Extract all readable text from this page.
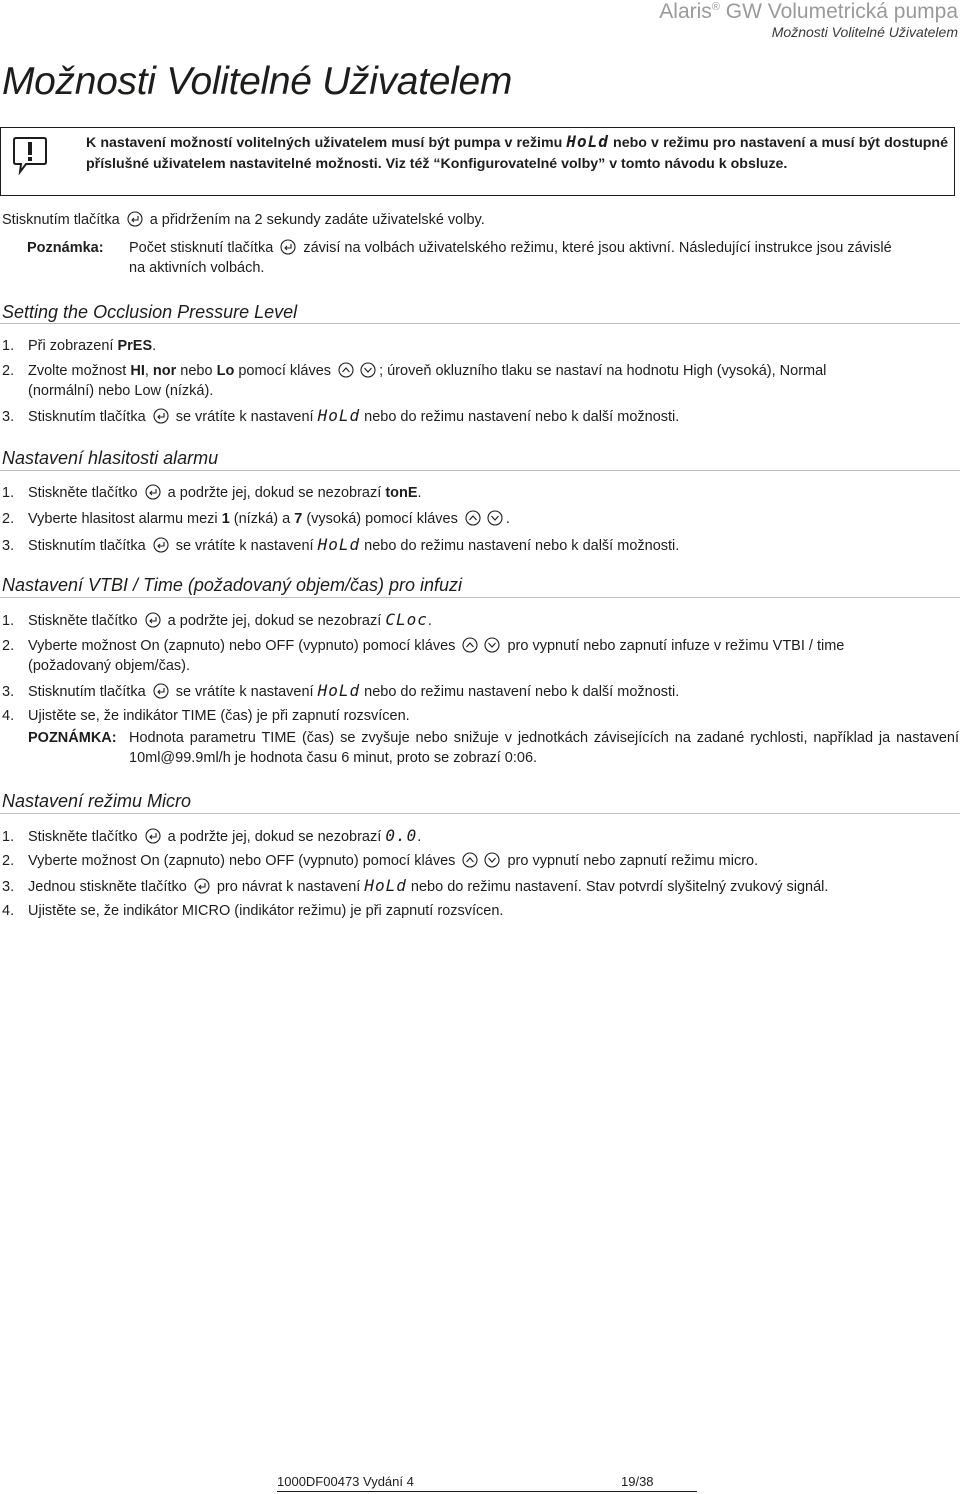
Alaris® GW Volumetrická pumpa
Možnosti Volitelné Uživatelem
Možnosti Volitelné Uživatelem
K nastavení možností volitelných uživatelem musí být pumpa v režimu HoLd nebo v režimu pro nastavení a musí být dostupné příslušné uživatelem nastavitelné možnosti. Viz též “Konfigurovatelné volby” v tomto návodu k obsluze.
Stisknutím tlačítka
a přidržením na 2 sekundy zadáte uživatelské volby.
Poznámka: Počet stisknutí tlačítka
závisí na volbách uživatelského režimu, které jsou aktivní. Následující instrukce jsou závislé
na aktivních volbách.
Setting the Occlusion Pressure Level
1. Při zobrazení PrES.
2. Zvolte možnost HI, nor nebo Lo pomocí kláves	; úroveň okluzního tlaku se nastaví na hodnotu High (vysoká), Normal
(normální) nebo Low (nízká).
3. Stisknutím tlačítka
se vrátíte k nastavení HoLd nebo do režimu nastavení nebo k další možnosti.
Nastavení hlasitosti alarmu
1. Stiskněte tlačítko
a podržte jej, dokud se nezobrazí tonE.
2. Vyberte hlasitost alarmu mezi 1 (nízká) a 7 (vysoká) pomocí kláves	.
3. Stisknutím tlačítka
se vrátíte k nastavení HoLd nebo do režimu nastavení nebo k další možnosti.
Nastavení VTBI / Time (požadovaný objem/čas) pro infuzi
1. Stiskněte tlačítko
a podržte jej, dokud se nezobrazí CLoc.
2. Vyberte možnost On (zapnuto) nebo OFF (vypnuto) pomocí kláves	pro vypnutí nebo zapnutí infuze v režimu VTBI / time
(požadovaný objem/čas).
3. Stisknutím tlačítka
se vrátíte k nastavení HoLd nebo do režimu nastavení nebo k další možnosti.
4. Ujistěte se, že indikátor TIME (čas) je při zapnutí rozsvícen.
POZNÁMKA: Hodnota parametru TIME (čas) se zvyšuje nebo snižuje v jednotkách závisejících na zadané rychlosti, například ja nastavení 10ml@99.9ml/h je hodnota času 6 minut, proto se zobrazí 0:06.
Nastavení režimu Micro
1. Stiskněte tlačítko
a podržte jej, dokud se nezobrazí 0.0.
2. Vyberte možnost On (zapnuto) nebo OFF (vypnuto) pomocí kláves	pro vypnutí nebo zapnutí režimu micro.
3. Jednou stiskněte tlačítko
pro návrat k nastavení HoLd nebo do režimu nastavení. Stav potvrdí slyšitelný zvukový signál.
4. Ujistěte se, že indikátor MICRO (indikátor režimu) je při zapnutí rozsvícen.
1000DF00473 Vydání 4	19/38
